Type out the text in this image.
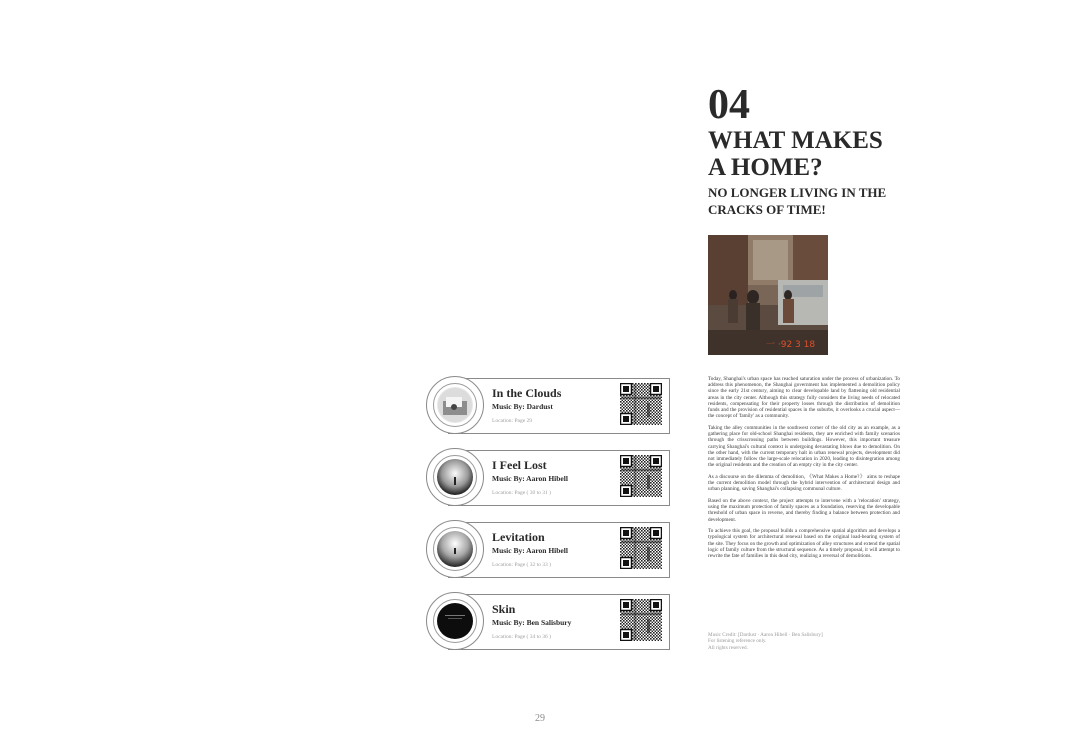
04
WHAT MAKES
A HOME?
NO LONGER LIVING IN THE
CRACKS OF TIME!
一 ·92 3 18

Today, Shanghai's urban space has reached saturation under the process of urbanization. To address this phenomenon, the Shanghai government has implemented a demolition policy since the early 21st century, aiming to clear developable land by flattening old residential areas in the city center. Although this strategy fully considers the living needs of relocated residents, compensating for their property losses through the distribution of demolition funds and the provision of residential spaces in the suburbs, it overlooks a crucial aspect—the concept of 'family' as a community.

Taking the alley communities in the southwest corner of the old city as an example, as a gathering place for old-school Shanghai residents, they are enriched with family scenarios through the crisscrossing paths between buildings. However, this important treasure carrying Shanghai's cultural context is undergoing devastating blows due to demolition. On the other hand, with the current temporary halt in urban renewal projects, development did not immediately follow the large-scale relocation in 2020, leading to disintegration among the original residents and the creation of an empty city in the city center.

As a discourse on the dilemma of demolition, 《What Makes a Home?》 aims to reshape the current demolition model through the hybrid intervention of architectural design and urban planning, saving Shanghai's collapsing communal culture.

Based on the above context, the project attempts to intervene with a 'relocation' strategy, using the maximum protection of family spaces as a foundation, reserving the developable threshold of urban space in reverse, and thereby finding a balance between protection and development.

To achieve this goal, the proposal builds a comprehensive spatial algorithm and develops a typological system for architectural renewal based on the original load-bearing system of the site. They focus on the growth and optimization of alley structures and extend the spatial logic of family culture from the structural sequence. As a timely proposal, it will attempt to rewrite the fate of families in this dead city, realizing a reversal of demolitions.

Music Credit: [Dardust · Aaron Hibell · Ben Salisbury]
For listening reference only.
All rights reserved.
In the Clouds
Music By: Dardust
Location: Page 29
I Feel Lost
Music By: Aaron Hibell
Location: Page ( 30 to 31 )
Levitation
Music By: Aaron Hibell
Location: Page ( 32 to 33 )
Skin
Music By: Ben Salisbury
Location: Page ( 34 to 36 )
29
